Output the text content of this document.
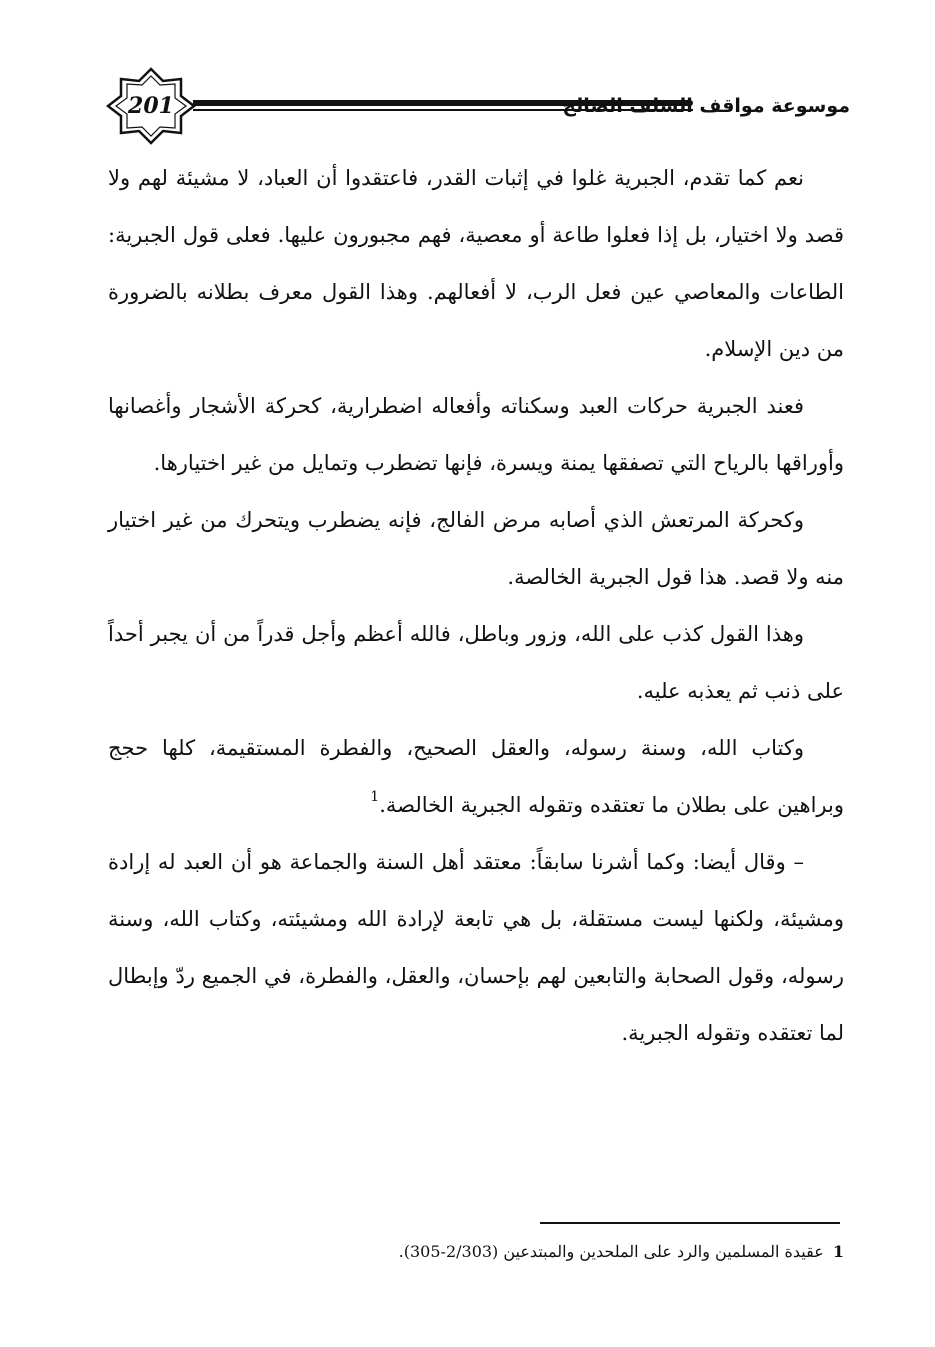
201	موسوعة مواقف السلف الصالح

نعم كما تقدم، الجبرية غلوا في إثبات القدر، فاعتقدوا أن العباد، لا مشيئة لهم ولا قصد ولا اختيار، بل إذا فعلوا طاعة أو معصية، فهم مجبورون عليها. فعلى قول الجبرية: الطاعات والمعاصي عين فعل الرب، لا أفعالهم. وهذا القول معرف بطلانه بالضرورة من دين الإسلام.

فعند الجبرية حركات العبد وسكناته وأفعاله اضطرارية، كحركة الأشجار وأغصانها وأوراقها بالرياح التي تصفقها يمنة ويسرة، فإنها تضطرب وتمايل من غير اختيارها.

وكحركة المرتعش الذي أصابه مرض الفالج، فإنه يضطرب ويتحرك من غير اختيار منه ولا قصد. هذا قول الجبرية الخالصة.

وهذا القول كذب على الله، وزور وباطل، فالله أعظم وأجل قدراً من أن يجبر أحداً على ذنب ثم يعذبه عليه.

وكتاب الله، وسنة رسوله، والعقل الصحيح، والفطرة المستقيمة، كلها حجج وبراهين على بطلان ما تعتقده وتقوله الجبرية الخالصة.$^1$

– وقال أيضا: وكما أشرنا سابقاً: معتقد أهل السنة والجماعة هو أن العبد له إرادة ومشيئة، ولكنها ليست مستقلة، بل هي تابعة لإرادة الله ومشيئته، وكتاب الله، وسنة رسوله، وقول الصحابة والتابعين لهم بإحسان، والعقل، والفطرة، في الجميع ردّ وإبطال لما تعتقده وتقوله الجبرية.

1 عقيدة المسلمين والرد على الملحدين والمبتدعين (2/303-305).
